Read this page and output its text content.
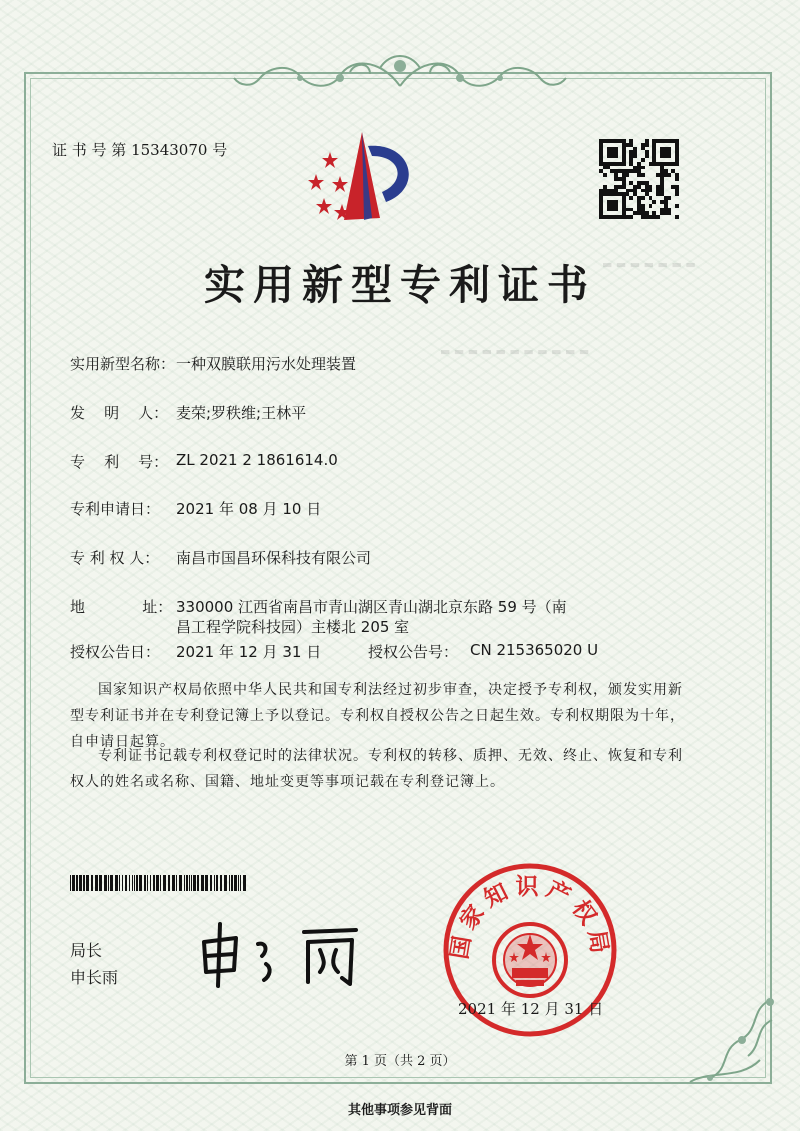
▬ ▬ ▬ ▬ ▬ ▬ ▬
▬ ▬ ▬ ▬ ▬ ▬ ▬ ▬ ▬ ▬ ▬
证 书 号 第 15343070 号
实用新型专利证书
实用新型名称： 一种双膜联用污水处理装置
发    明    人： 麦荣;罗秩维;王林平
专    利    号： ZL 2021 2 1861614.0
专利申请日： 2021 年 08 月 10 日
专 利 权 人： 南昌市国昌环保科技有限公司
地            址： 330000 江西省南昌市青山湖区青山湖北京东路 59 号（南
昌工程学院科技园）主楼北 205 室
授权公告日： 2021 年 12 月 31 日	授权公告号： CN 215365020 U
国家知识产权局依照中华人民共和国专利法经过初步审查，决定授予专利权，颁发实用新型专利证书并在专利登记簿上予以登记。专利权自授权公告之日起生效。专利权期限为十年，自申请日起算。
专利证书记载专利权登记时的法律状况。专利权的转移、质押、无效、终止、恢复和专利权人的姓名或名称、国籍、地址变更等事项记载在专利登记簿上。
局长
申长雨
国家知识产权局
2021 年 12 月 31 日
第 1 页（共 2 页）
其他事项参见背面
